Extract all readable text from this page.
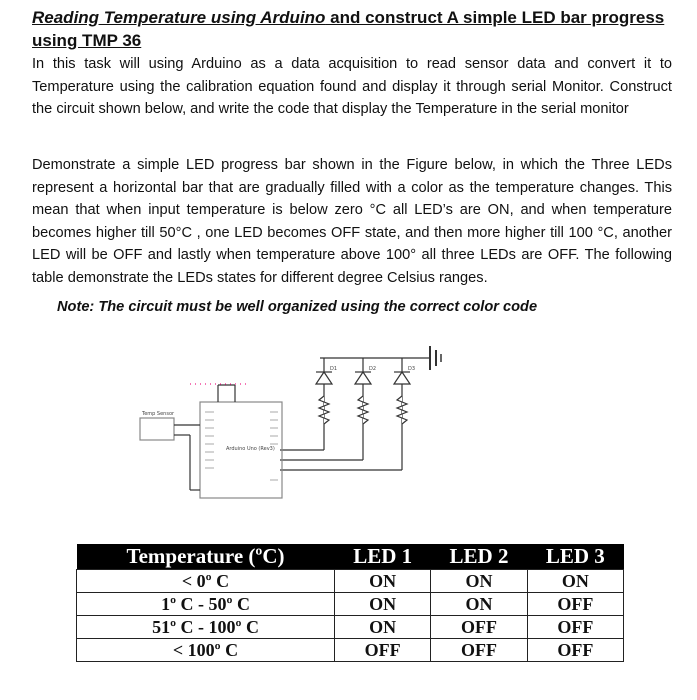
Reading Temperature using Arduino and construct A simple LED bar progress
using TMP 36
In this task will using Arduino as a data acquisition to read sensor data and convert it to Temperature using the calibration equation found and display it through serial Monitor. Construct the circuit shown below, and write the code that display the Temperature in the serial monitor
Demonstrate a simple LED progress bar shown in the Figure below, in which the Three LEDs represent a horizontal bar that are gradually filled with a color as the temperature changes. This mean that when input temperature is below zero °C all LED’s are ON, and when temperature becomes higher till 50°C , one LED becomes OFF state, and then more higher till 100 °C, another LED will be OFF and lastly when temperature above 100° all three LEDs are OFF. The following table demonstrate the LEDs states for different degree Celsius ranges.
Note: The circuit must be well organized using the correct color code
D1	D2	D3
Temp Sensor
Arduino Uno (Rev3)
Temperature (ºC)	LED 1	LED 2	LED 3
< 0º C	ON	ON	ON
1º C - 50º C	ON	ON	OFF
51º C - 100º C	ON	OFF	OFF
< 100º C	OFF	OFF	OFF
